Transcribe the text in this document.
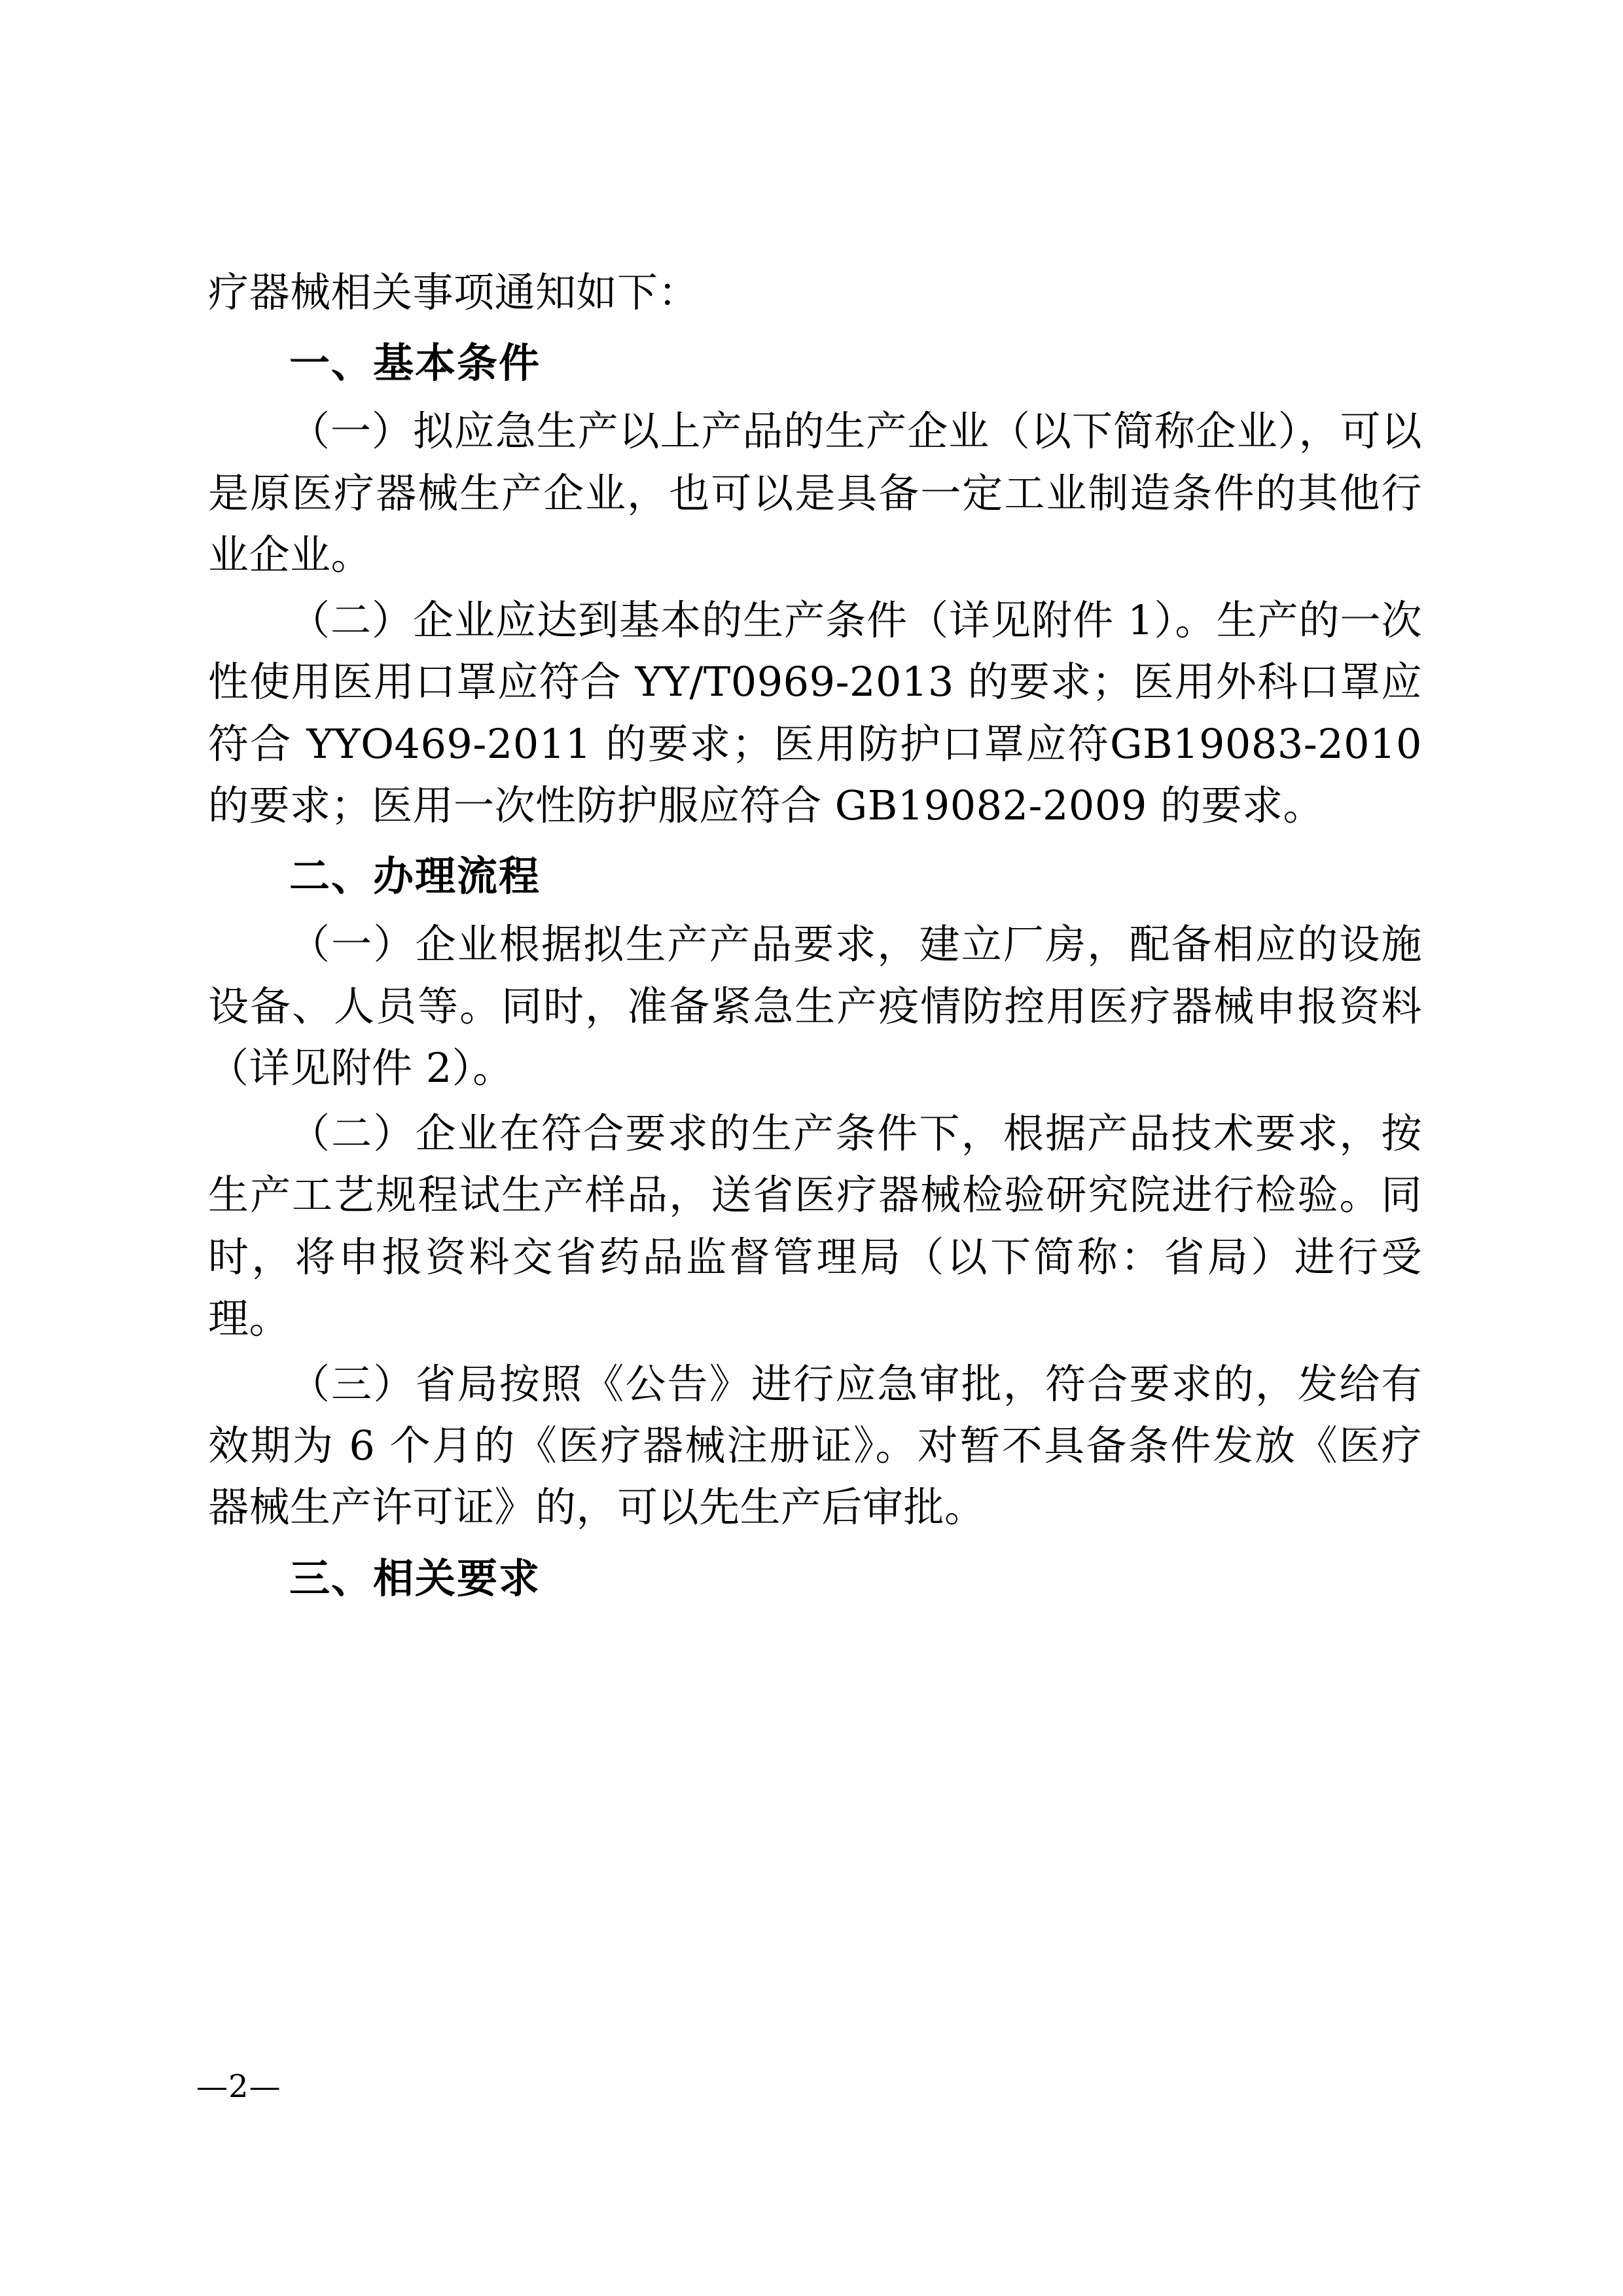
疗器械相关事项通知如下：

一、基本条件

（一）拟应急生产以上产品的生产企业（以下简称企业），可以是原医疗器械生产企业，也可以是具备一定工业制造条件的其他行业企业。

（二）企业应达到基本的生产条件（详见附件 1）。生产的一次性使用医用口罩应符合 YY/T0969-2013 的要求；医用外科口罩应符合 YYO469-2011 的要求；医用防护口罩应符GB19083-2010 的要求；医用一次性防护服应符合 GB19082-2009 的要求。

二、办理流程

（一）企业根据拟生产产品要求，建立厂房，配备相应的设施设备、人员等。同时，准备紧急生产疫情防控用医疗器械申报资料（详见附件 2）。

（二）企业在符合要求的生产条件下，根据产品技术要求，按生产工艺规程试生产样品，送省医疗器械检验研究院进行检验。同时，将申报资料交省药品监督管理局（以下简称：省局）进行受理。

（三）省局按照《公告》进行应急审批，符合要求的，发给有效期为 6 个月的《医疗器械注册证》。对暂不具备条件发放《医疗器械生产许可证》的，可以先生产后审批。

三、相关要求

—2—
